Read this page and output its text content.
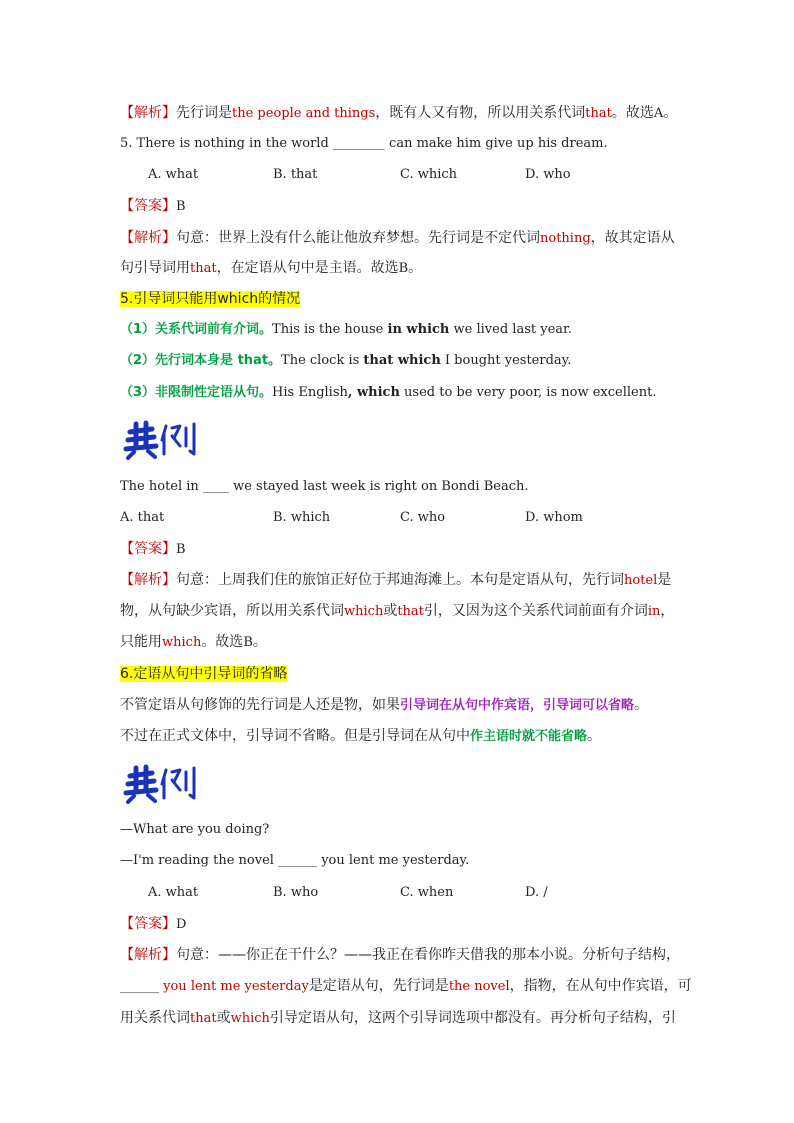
【解析】先行词是the people and things，既有人又有物，所以用关系代词that。故选A。
5. There is nothing in the world ________ can make him give up his dream.
A. what	B. that	C. which	D. who
【答案】B
【解析】句意：世界上没有什么能让他放弃梦想。先行词是不定代词nothing，故其定语从
句引导词用that，在定语从句中是主语。故选B。
5.引导词只能用which的情况
（1）关系代词前有介词。This is the house in which we lived last year.
（2）先行词本身是 that。The clock is that which I bought yesterday.
（3）非限制性定语从句。His English, which used to be very poor, is now excellent.
The hotel in ____ we stayed last week is right on Bondi Beach.
A. that	B. which	C. who	D. whom
【答案】B
【解析】句意：上周我们住的旅馆正好位于邦迪海滩上。本句是定语从句，先行词hotel是
物，从句缺少宾语，所以用关系代词which或that引，又因为这个关系代词前面有介词in，
只能用which。故选B。
6.定语从句中引导词的省略
不管定语从句修饰的先行词是人还是物，如果引导词在从句中作宾语，引导词可以省略。
不过在正式文体中，引导词不省略。但是引导词在从句中作主语时就不能省略。
—What are you doing?
—I'm reading the novel ______ you lent me yesterday.
A. what	B. who	C. when	D. /
【答案】D
【解析】句意：——你正在干什么？——我正在看你昨天借我的那本小说。分析句子结构，
______ you lent me yesterday是定语从句，先行词是the novel，指物，在从句中作宾语，可
用关系代词that或which引导定语从句，这两个引导词选项中都没有。再分析句子结构，引
